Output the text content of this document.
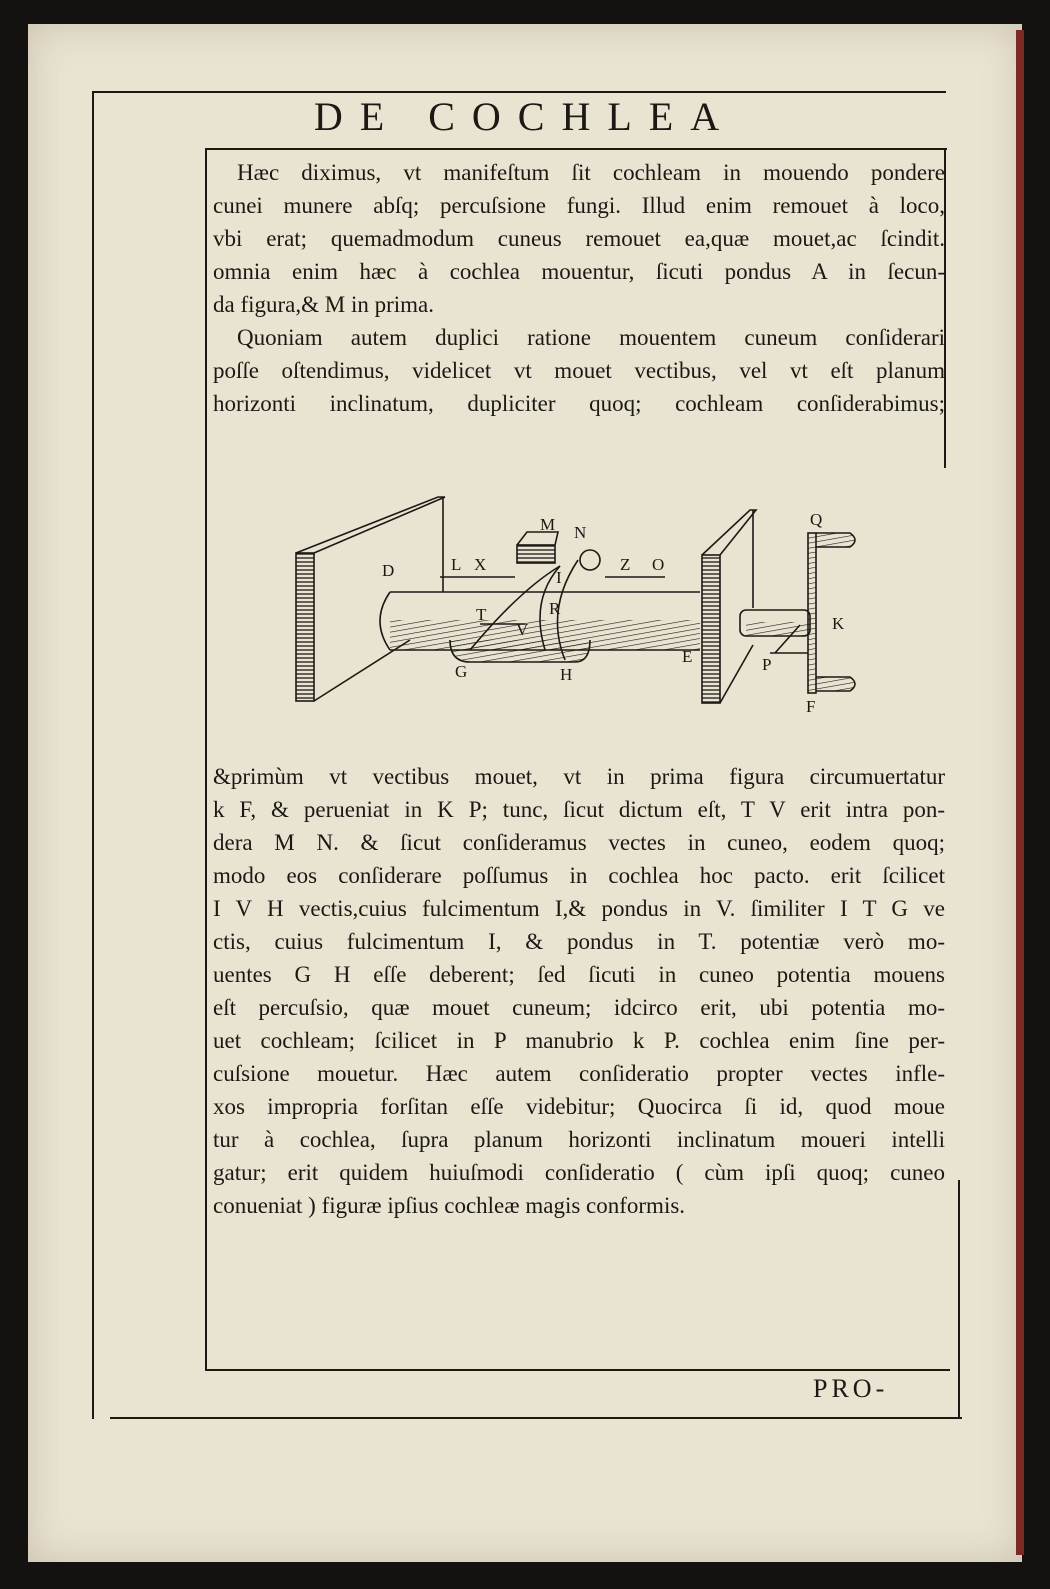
DE COCHLEA
Hæc diximus, vt manifeſtum ſit cochleam in mouendo pondere
cunei munere abſq; percuſsione fungi. Illud enim remouet à loco,
vbi erat; quemadmodum cuneus remouet ea,quæ mouet,ac ſcindit.
omnia enim hæc à cochlea mouentur, ſicuti pondus A in ſecun-
da figura,& M in prima.
Quoniam autem duplici ratione mouentem cuneum conſiderari
poſſe oſtendimus, videlicet vt mouet vectibus, vel vt eſt planum
horizonti inclinatum, dupliciter quoq; cochleam conſiderabimus;
M N
L X	Z O
D
T
I
R
V
G	H
E	P
K
Q
F
&primùm vt vectibus mouet, vt in prima figura circumuertatur
k F, & perueniat in K P; tunc, ſicut dictum eſt, T V erit intra pon-
dera M N. & ſicut conſideramus vectes in cuneo, eodem quoq;
modo eos conſiderare poſſumus in cochlea hoc pacto. erit ſcilicet
I V H vectis,cuius fulcimentum I,& pondus in V. ſimiliter I T G ve
ctis, cuius fulcimentum I, & pondus in T. potentiæ verò mo-
uentes G H eſſe deberent; ſed ſicuti in cuneo potentia mouens
eſt percuſsio, quæ mouet cuneum; idcirco erit, ubi potentia mo-
uet cochleam; ſcilicet in P manubrio k P. cochlea enim ſine per-
cuſsione mouetur. Hæc autem conſideratio propter vectes infle-
xos impropria forſitan eſſe videbitur; Quocirca ſi id, quod moue
tur à cochlea, ſupra planum horizonti inclinatum moueri intelli
gatur; erit quidem huiuſmodi conſideratio ( cùm ipſi quoq; cuneo
conueniat ) figuræ ipſius cochleæ magis conformis.
PRO-
